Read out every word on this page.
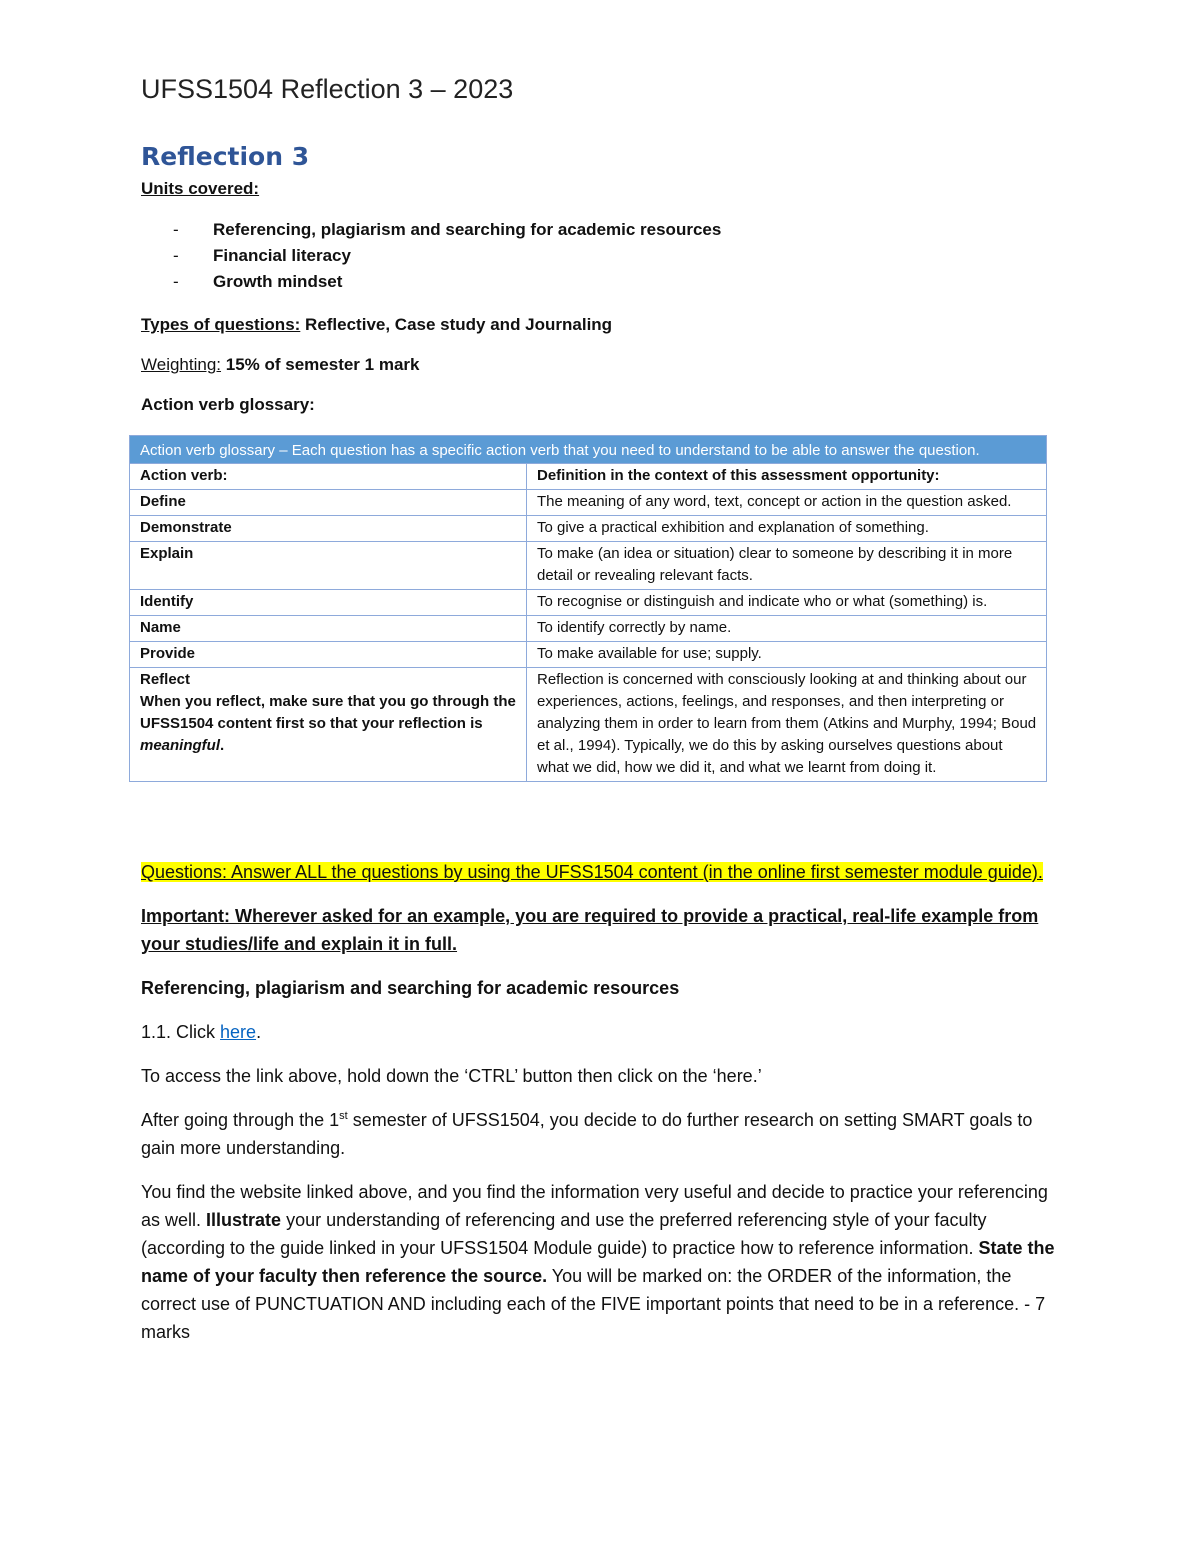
UFSS1504 Reflection 3 – 2023
Reflection 3
Units covered:
- Referencing, plagiarism and searching for academic resources
- Financial literacy
- Growth mindset
Types of questions: Reflective, Case study and Journaling
Weighting: 15% of semester 1 mark
Action verb glossary:
Action verb glossary – Each question has a specific action verb that you need to understand to be able to answer the question.	
Action verb:	Definition in the context of this assessment opportunity:
Define	The meaning of any word, text, concept or action in the question asked.
Demonstrate	To give a practical exhibition and explanation of something.
Explain	To make (an idea or situation) clear to someone by describing it in more detail or revealing relevant facts.
Identify	To recognise or distinguish and indicate who or what (something) is.
Name	To identify correctly by name.
Provide	To make available for use; supply.

Reflect
When you reflect, make sure that you go through the UFSS1504 content first so that your reflection is meaningful.	Reflection is concerned with consciously looking at and thinking about our experiences, actions, feelings, and responses, and then interpreting or analyzing them in order to learn from them (Atkins and Murphy, 1994; Boud et al., 1994). Typically, we do this by asking ourselves questions about what we did, how we did it, and what we learnt from doing it.

Questions: Answer ALL the questions by using the UFSS1504 content (in the online first semester module guide).

Important: Wherever asked for an example, you are required to provide a practical, real-life example from your studies/life and explain it in full.

Referencing, plagiarism and searching for academic resources

1.1. Click here.

To access the link above, hold down the ‘CTRL’ button then click on the ‘here.’

After going through the 1st semester of UFSS1504, you decide to do further research on setting SMART goals to gain more understanding.

You find the website linked above, and you find the information very useful and decide to practice your referencing as well. Illustrate your understanding of referencing and use the preferred referencing style of your faculty (according to the guide linked in your UFSS1504 Module guide) to practice how to reference information. State the name of your faculty then reference the source. You will be marked on: the ORDER of the information, the correct use of PUNCTUATION AND including each of the FIVE important points that need to be in a reference. - 7 marks
